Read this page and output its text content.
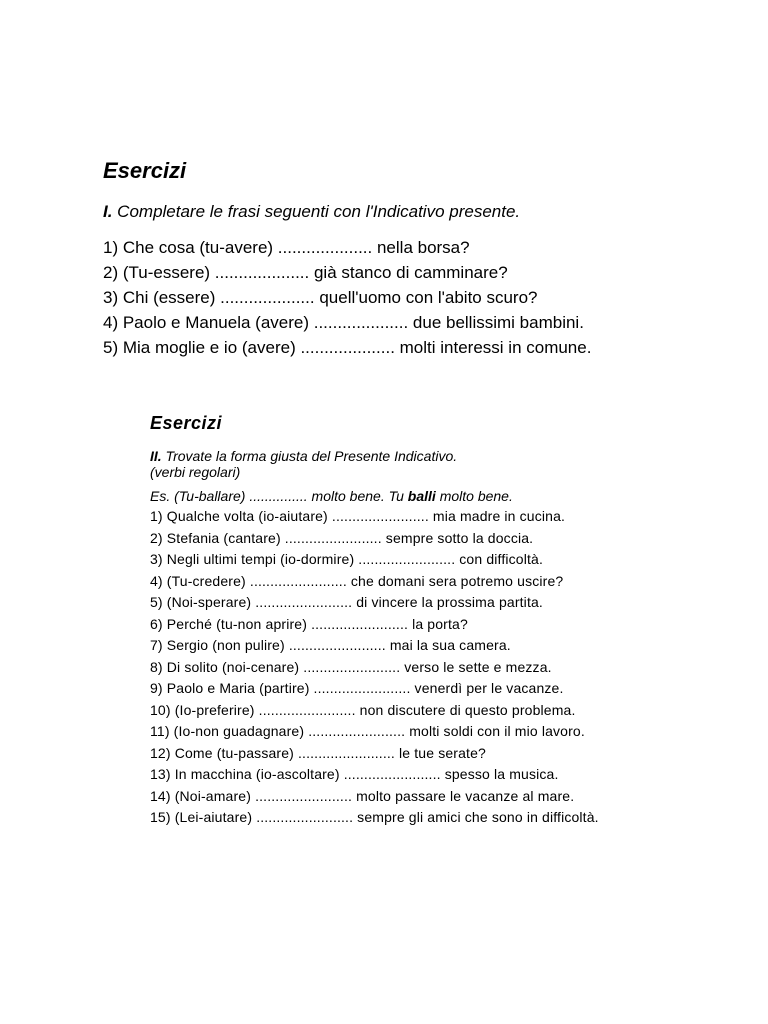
Esercizi
I. Completare le frasi seguenti con l'Indicativo presente.
1) Che cosa (tu-avere) .................... nella borsa?
2) (Tu-essere) .................... già stanco di camminare?
3) Chi (essere) .................... quell'uomo con l'abito scuro?
4) Paolo e Manuela (avere) .................... due bellissimi bambini.
5) Mia moglie e io (avere) .................... molti interessi in comune.
Esercizi
II. Trovate la forma giusta del Presente Indicativo.
(verbi regolari)
Es. (Tu-ballare) ............... molto bene. Tu balli molto bene.
1) Qualche volta (io-aiutare) ........................ mia madre in cucina.
2) Stefania (cantare) ........................ sempre sotto la doccia.
3) Negli ultimi tempi (io-dormire) ........................ con difficoltà.
4) (Tu-credere) ........................ che domani sera potremo uscire?
5) (Noi-sperare) ........................ di vincere la prossima partita.
6) Perché (tu-non aprire) ........................ la porta?
7) Sergio (non pulire) ........................ mai la sua camera.
8) Di solito (noi-cenare) ........................ verso le sette e mezza.
9) Paolo e Maria (partire) ........................ venerdì per le vacanze.
10) (Io-preferire) ........................ non discutere di questo problema.
11) (Io-non guadagnare) ........................ molti soldi con il mio lavoro.
12) Come (tu-passare) ........................ le tue serate?
13) In macchina (io-ascoltare) ........................ spesso la musica.
14) (Noi-amare) ........................ molto passare le vacanze al mare.
15) (Lei-aiutare) ........................ sempre gli amici che sono in difficoltà.
